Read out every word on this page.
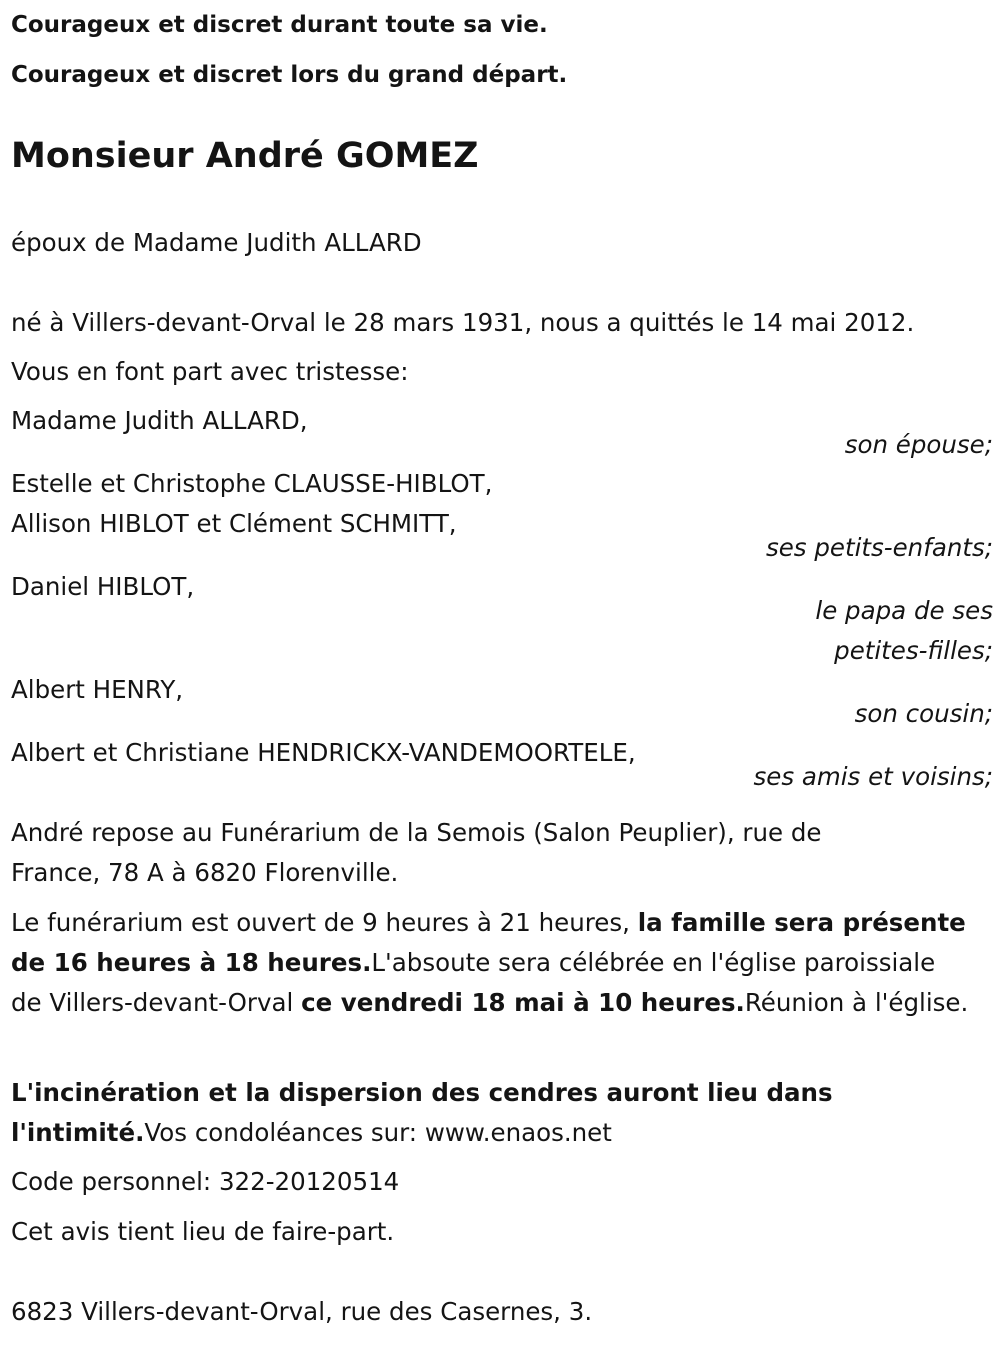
Courageux et discret durant toute sa vie.
Courageux et discret lors du grand départ.
Monsieur André GOMEZ
époux de Madame Judith ALLARD
né à Villers-devant-Orval le 28 mars 1931, nous a quittés le 14 mai 2012.
Vous en font part avec tristesse:
Madame Judith ALLARD,
son épouse;
Estelle et Christophe CLAUSSE-HIBLOT,
Allison HIBLOT et Clément SCHMITT,
ses petits-enfants;
Daniel HIBLOT,
le papa de ses
petites-filles;
Albert HENRY,
son cousin;
Albert et Christiane HENDRICKX-VANDEMOORTELE,
ses amis et voisins;
André repose au Funérarium de la Semois (Salon Peuplier), rue de
France, 78 A à 6820 Florenville.
Le funérarium est ouvert de 9 heures à 21 heures, la famille sera présente de 16 heures à 18 heures.L'absoute sera célébrée en l'église paroissiale de Villers-devant-Orval ce vendredi 18 mai à 10 heures.Réunion à l'église.
L'incinération et la dispersion des cendres auront lieu dans l'intimité.Vos condoléances sur: www.enaos.net
Code personnel: 322-20120514
Cet avis tient lieu de faire-part.
6823 Villers-devant-Orval, rue des Casernes, 3.
